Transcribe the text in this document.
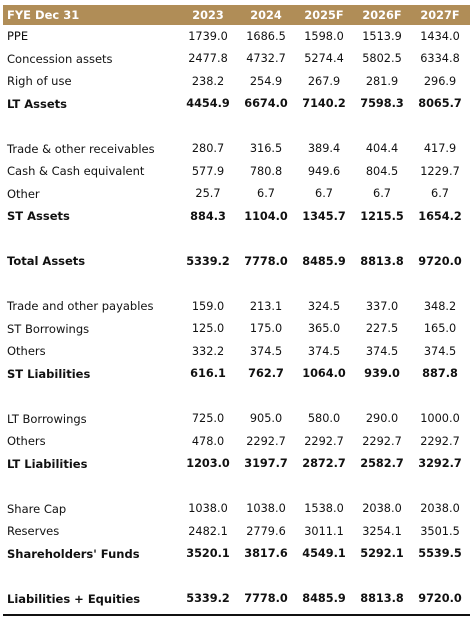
FYE Dec 31	2023	2024	2025F	2026F	2027F
PPE	1739.0	1686.5	1598.0	1513.9	1434.0
Concession assets	2477.8	4732.7	5274.4	5802.5	6334.8
Righ of use	238.2	254.9	267.9	281.9	296.9
LT Assets	4454.9	6674.0	7140.2	7598.3	8065.7
Trade & other receivables	280.7	316.5	389.4	404.4	417.9
Cash & Cash equivalent	577.9	780.8	949.6	804.5	1229.7
Other	25.7	6.7	6.7	6.7	6.7
ST Assets	884.3	1104.0	1345.7	1215.5	1654.2
Total Assets	5339.2	7778.0	8485.9	8813.8	9720.0
Trade and other payables	159.0	213.1	324.5	337.0	348.2
ST Borrowings	125.0	175.0	365.0	227.5	165.0
Others	332.2	374.5	374.5	374.5	374.5
ST Liabilities	616.1	762.7	1064.0	939.0	887.8
LT Borrowings	725.0	905.0	580.0	290.0	1000.0
Others	478.0	2292.7	2292.7	2292.7	2292.7
LT Liabilities	1203.0	3197.7	2872.7	2582.7	3292.7
Share Cap	1038.0	1038.0	1538.0	2038.0	2038.0
Reserves	2482.1	2779.6	3011.1	3254.1	3501.5
Shareholders' Funds	3520.1	3817.6	4549.1	5292.1	5539.5
Liabilities + Equities	5339.2	7778.0	8485.9	8813.8	9720.0
